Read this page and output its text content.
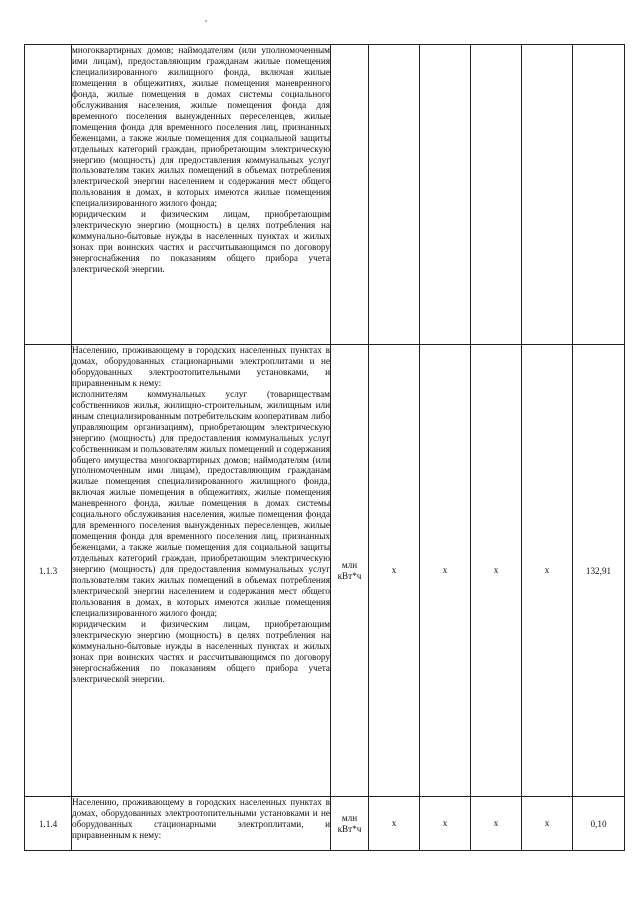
	многоквартирных домов; наймодателям (или уполномоченным ими лицам), предоставляющим гражданам жилые помещения специализированного жилищного фонда, включая жилые помещения в общежитиях, жилые помещения маневренного фонда, жилые помещения в домах системы социального обслуживания населения, жилые помещения фонда для временного поселения вынужденных переселенцев, жилые помещения фонда для временного поселения лиц, признанных беженцами, а также жилые помещения для социальной защиты отдельных категорий граждан, приобретающим электрическую энергию (мощность) для предоставления коммунальных услуг пользователям таких жилых помещений в объемах потребления электрической энергии населением и содержания мест общего пользования в домах, в которых имеются жилые помещения специализированного жилого фонда;

юридическим и физическим лицам, приобретающим электрическую энергию (мощность) в целях потребления на коммунально-бытовые нужды в населенных пунктах и жилых зонах при воинских частях и рассчитывающимся по договору энергоснабжения по показаниям общего прибора учета электрической энергии.						

1.1.3	Населению, проживающему в городских населенных пунктах в домах, оборудованных стационарными электроплитами и не оборудованных электроотопительными установками, и приравненным к нему:

исполнителям коммунальных услуг (товариществам собственников жилья, жилищно-строительным, жилищным или иным специализированным потребительским кооперативам либо управляющим организациям), приобретающим электрическую энергию (мощность) для предоставления коммунальных услуг собственникам и пользователям жилых помещений и содержания общего имущества многоквартирных домов; наймодателям (или уполномоченным ими лицам), предоставляющим гражданам жилые помещения специализированного жилищного фонда, включая жилые помещения в общежитиях, жилые помещения маневренного фонда, жилые помещения в домах системы социального обслуживания населения, жилые помещения фонда для временного поселения вынужденных переселенцев, жилые помещения фонда для временного поселения лиц, признанных беженцами, а также жилые помещения для социальной защиты отдельных категорий граждан, приобретающим электрическую энергию (мощность) для предоставления коммунальных услуг пользователям таких жилых помещений в объемах потребления электрической энергии населением и содержания мест общего пользования в домах, в которых имеются жилые помещения специализированного жилого фонда;

юридическим и физическим лицам, приобретающим электрическую энергию (мощность) в целях потребления на коммунально-бытовые нужды в населенных пунктах и жилых зонах при воинских частях и рассчитывающимся по договору энергоснабжения по показаниям общего прибора учета электрической энергии.	млн кВт*ч	x	x	x	x	132,91
1.1.4	Населению, проживающему в городских населенных пунктах в домах, оборудованных электроотопительными установками и не оборудованных стационарными электроплитами, и приравненным к нему:	млн кВт*ч	x	x	x	x	0,10
